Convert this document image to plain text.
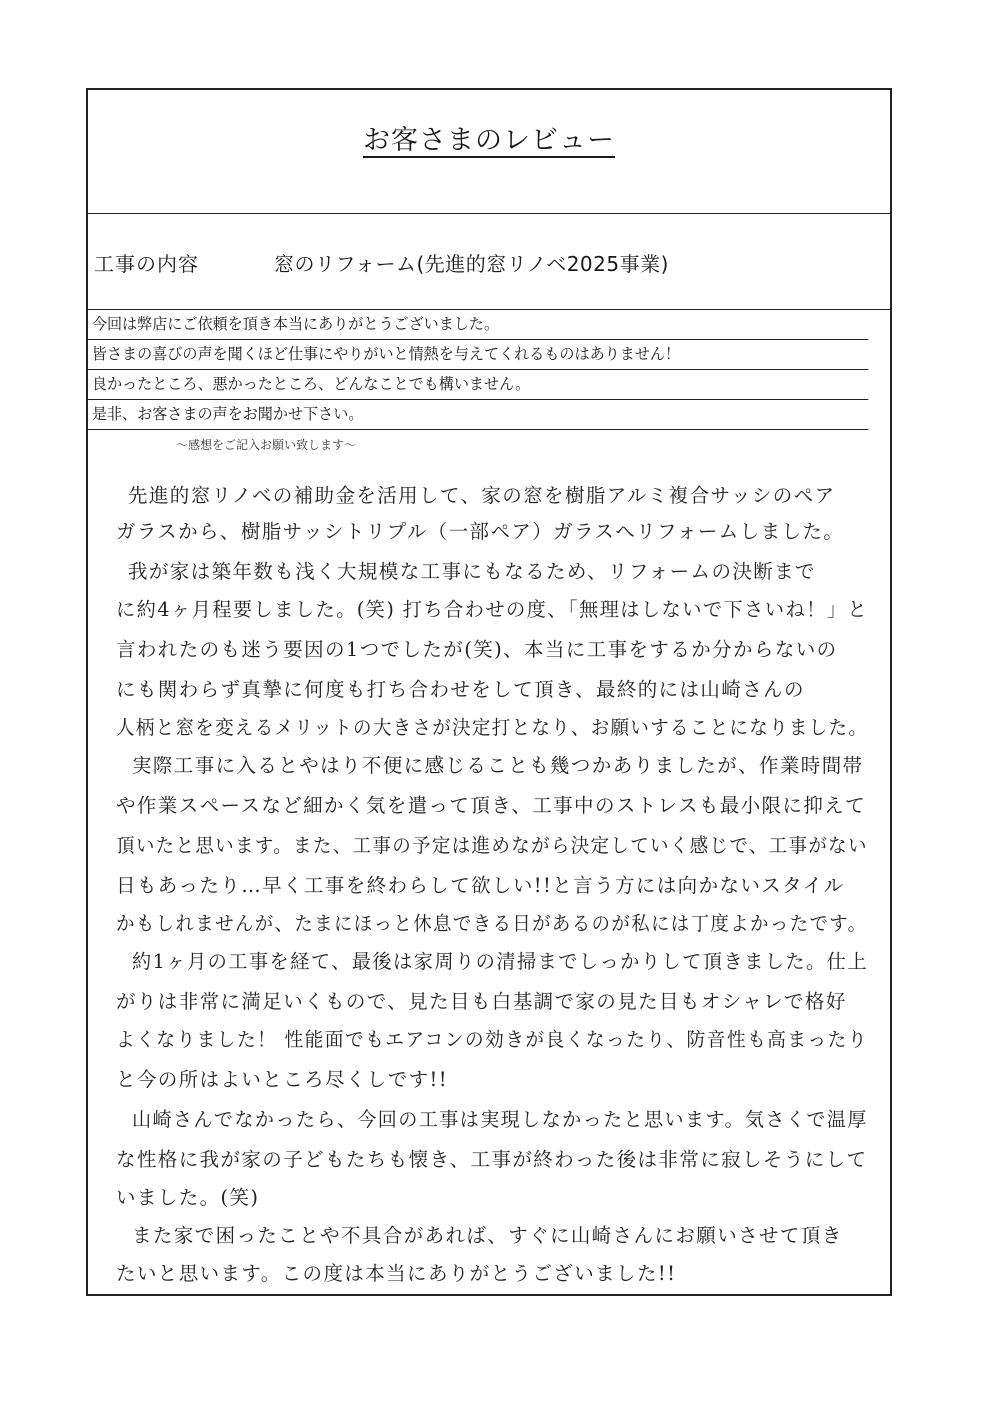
お客さまのレビュー
工事の内容	窓のリフォーム(先進的窓リノベ2025事業)
今回は弊店にご依頼を頂き本当にありがとうございました。
皆さまの喜びの声を聞くほど仕事にやりがいと情熱を与えてくれるものはありません！
良かったところ、悪かったところ、どんなことでも構いません。
是非、お客さまの声をお聞かせ下さい。
〜感想をご記入お願い致します〜
先進的窓リノベの補助金を活用して、家の窓を樹脂アルミ複合サッシのペア
ガラスから、樹脂サッシトリプル（一部ペア）ガラスへリフォームしました。
我が家は築年数も浅く大規模な工事にもなるため、リフォームの決断まで
に約4ヶ月程要しました。(笑) 打ち合わせの度、「無理はしないで下さいね！」と
言われたのも迷う要因の1つでしたが(笑)、本当に工事をするか分からないの
にも関わらず真摯に何度も打ち合わせをして頂き、最終的には山崎さんの
人柄と窓を変えるメリットの大きさが決定打となり、お願いすることになりました。
実際工事に入るとやはり不便に感じることも幾つかありましたが、作業時間帯
や作業スペースなど細かく気を遣って頂き、工事中のストレスも最小限に抑えて
頂いたと思います。また、工事の予定は進めながら決定していく感じで、工事がない
日もあったり…早く工事を終わらして欲しい!!と言う方には向かないスタイル
かもしれませんが、たまにほっと休息できる日があるのが私には丁度よかったです。
約1ヶ月の工事を経て、最後は家周りの清掃までしっかりして頂きました。仕上
がりは非常に満足いくもので、見た目も白基調で家の見た目もオシャレで格好
よくなりました！ 性能面でもエアコンの効きが良くなったり、防音性も高まったり
と今の所はよいところ尽くしです!!
山崎さんでなかったら、今回の工事は実現しなかったと思います。気さくで温厚
な性格に我が家の子どもたちも懐き、工事が終わった後は非常に寂しそうにして
いました。(笑)
また家で困ったことや不具合があれば、すぐに山崎さんにお願いさせて頂き
たいと思います。この度は本当にありがとうございました!!
